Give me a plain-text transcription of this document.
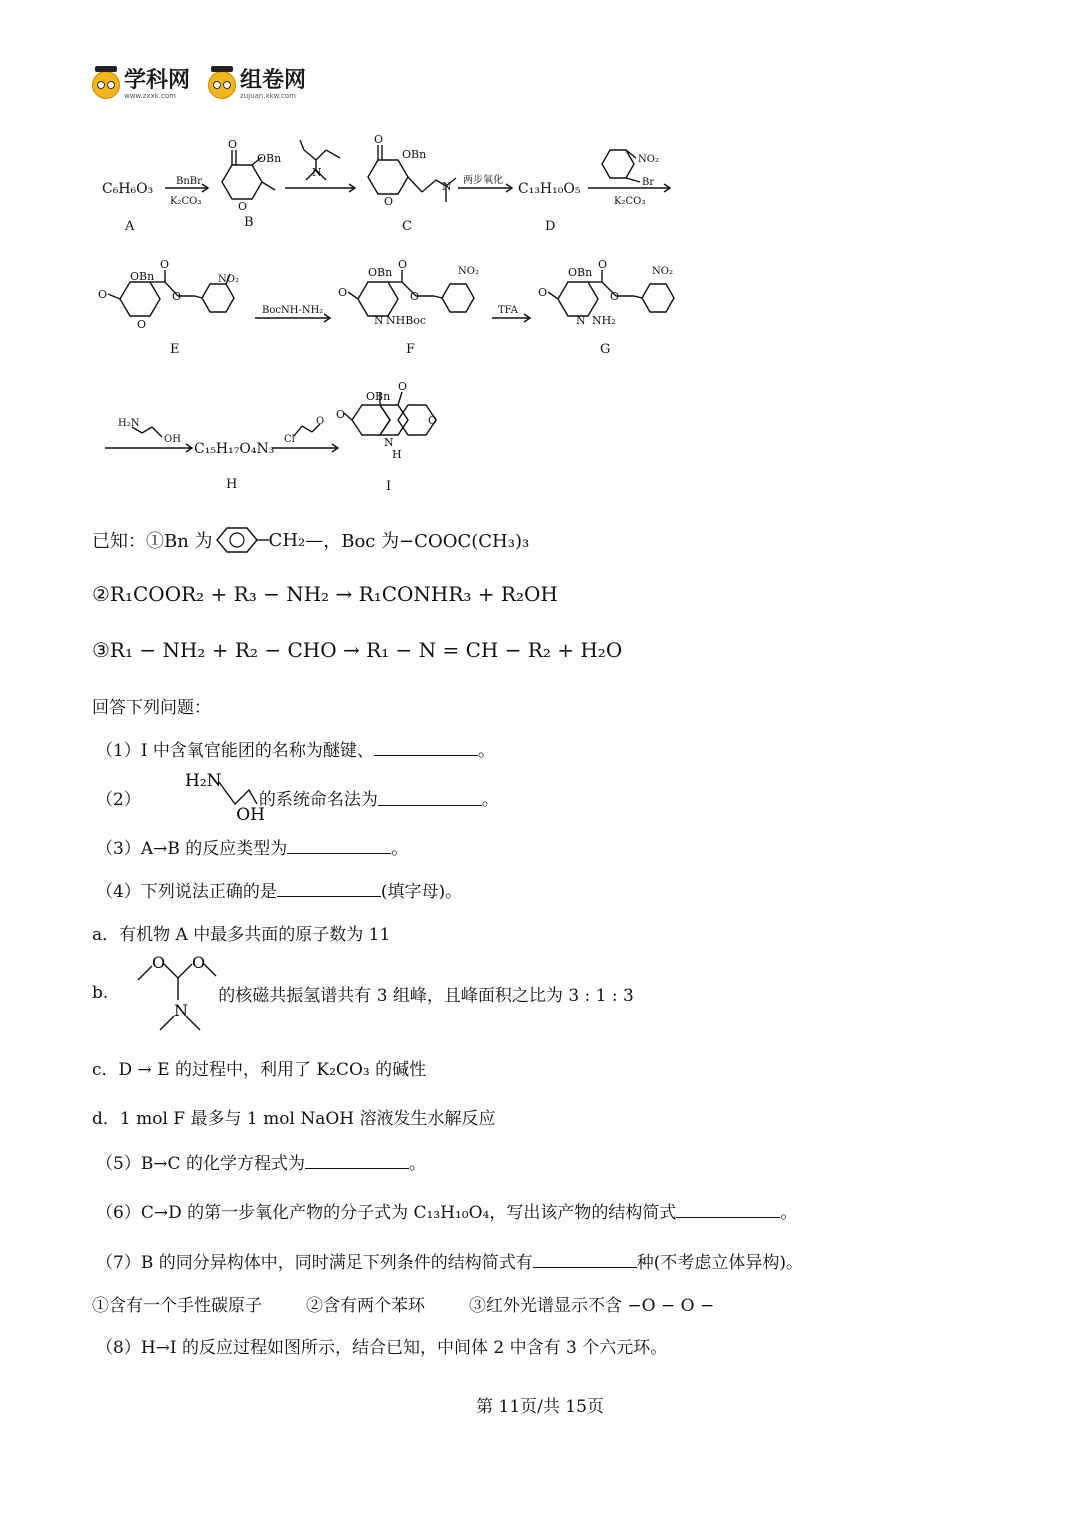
学科网
www.zxxk.com
组卷网
zujuan.xkw.com
C₆H₆O₃
A
BnBr
K₂CO₃
O
OBn
O
B
N
O
OBn
O
N
C
两步氧化
C₁₃H₁₀O₅
D
NO₂
Br
K₂CO₃
OBn
O
O
O
O
NO₂
E
BocNH-NH₂
OBn
O
O
O
NO₂
N NHBoc
F
TFA
OBn
O
O
O
NO₂
N NH₂
G
H₂N
OH
C₁₅H₁₇O₄N₃
H
Cl
O
OBn
O
O
O
N
H
I
已知：①Bn 为	CH₂— ，Boc 为−COOC(CH₃)₃
②R₁COOR₂ + R₃ − NH₂ → R₁CONHR₃ + R₂OH
③R₁ − NH₂ + R₂ − CHO → R₁ − N = CH − R₂ + H₂O
回答下列问题：
（1）I 中含氧官能团的名称为醚键、	。
（2）
H₂N
OH
的系统命名法为	。
（3）A→B 的反应类型为	。
（4）下列说法正确的是	(填字母)。
a．有机物 A 中最多共面的原子数为 11
b.
O O
N
的核磁共振氢谱共有 3 组峰，且峰面积之比为 3 : 1 : 3
c．D → E 的过程中，利用了 K₂CO₃ 的碱性
d．1 mol F 最多与 1 mol NaOH 溶液发生水解反应
（5）B→C 的化学方程式为	。
（6）C→D 的第一步氧化产物的分子式为 C₁₃H₁₀O₄，写出该产物的结构简式	。
（7）B 的同分异构体中，同时满足下列条件的结构简式有	种(不考虑立体异构)。
①含有一个手性碳原子	②含有两个苯环	③红外光谱显示不含 −O − O −
（8）H→I 的反应过程如图所示，结合已知，中间体 2 中含有 3 个六元环。
第 11页/共 15页
